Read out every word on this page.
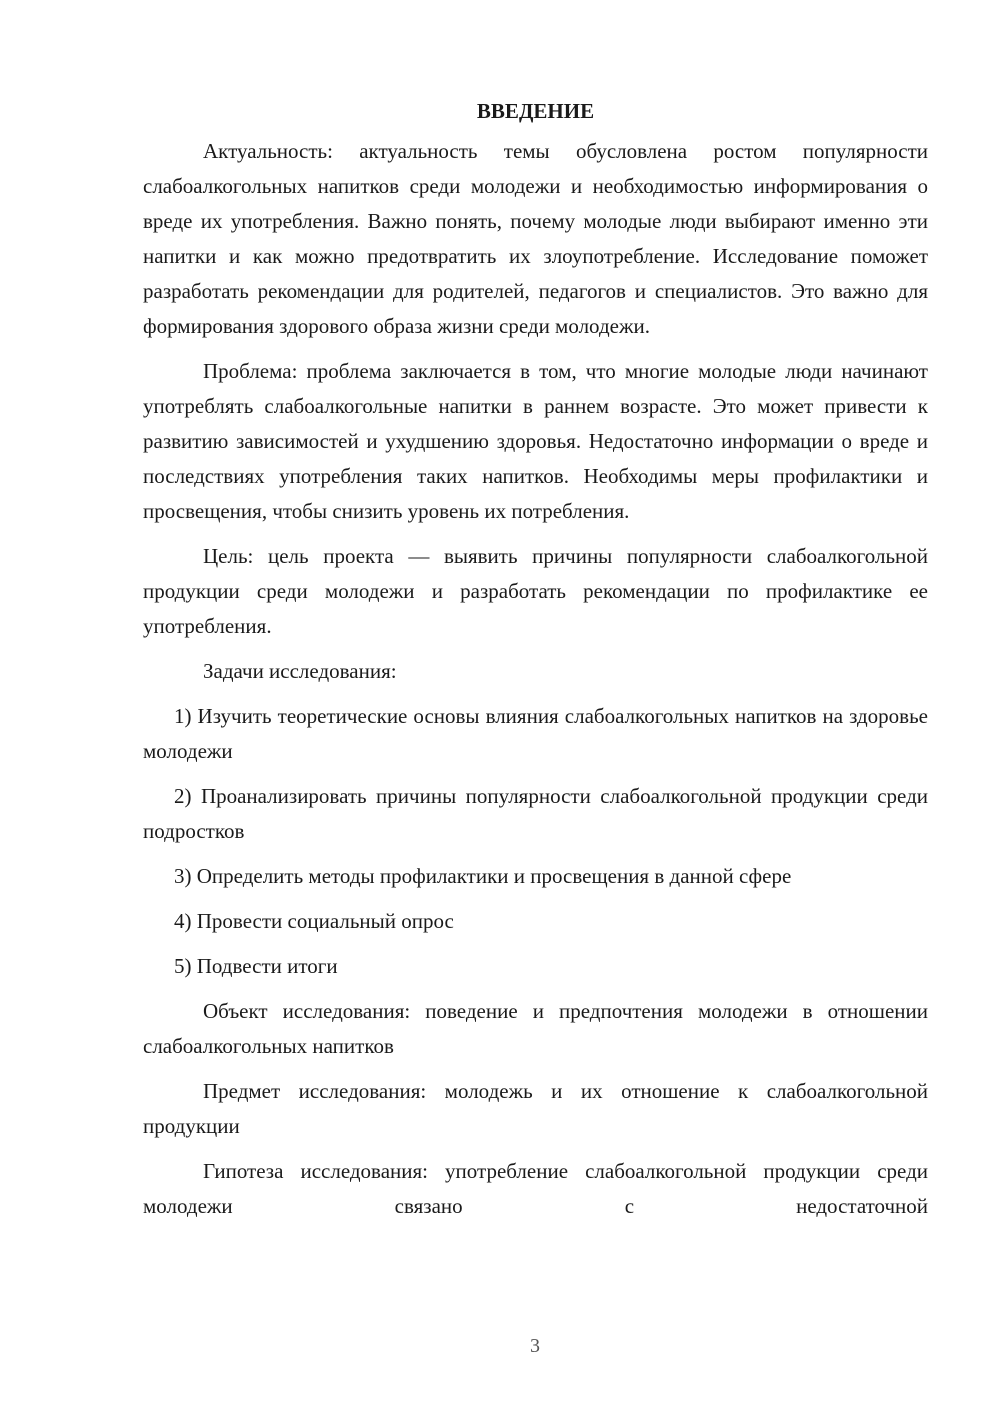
ВВЕДЕНИЕ

Актуальность: актуальность темы обусловлена ростом популярности слабоалкогольных напитков среди молодежи и необходимостью информирования о вреде их употребления. Важно понять, почему молодые люди выбирают именно эти напитки и как можно предотвратить их злоупотребление. Исследование поможет разработать рекомендации для родителей, педагогов и специалистов. Это важно для формирования здорового образа жизни среди молодежи.

Проблема: проблема заключается в том, что многие молодые люди начинают употреблять слабоалкогольные напитки в раннем возрасте. Это может привести к развитию зависимостей и ухудшению здоровья. Недостаточно информации о вреде и последствиях употребления таких напитков. Необходимы меры профилактики и просвещения, чтобы снизить уровень их потребления.

Цель: цель проекта — выявить причины популярности слабоалкогольной продукции среди молодежи и разработать рекомендации по профилактике ее употребления.

Задачи исследования:

1) Изучить теоретические основы влияния слабоалкогольных напитков на здоровье молодежи

2) Проанализировать причины популярности слабоалкогольной продукции среди подростков

3) Определить методы профилактики и просвещения в данной сфере

4) Провести социальный опрос

5) Подвести итоги

Объект исследования: поведение и предпочтения молодежи в отношении слабоалкогольных напитков

Предмет исследования: молодежь и их отношение к слабоалкогольной продукции

Гипотеза исследования: употребление слабоалкогольной продукции среди молодежи связано с недостаточной

3
